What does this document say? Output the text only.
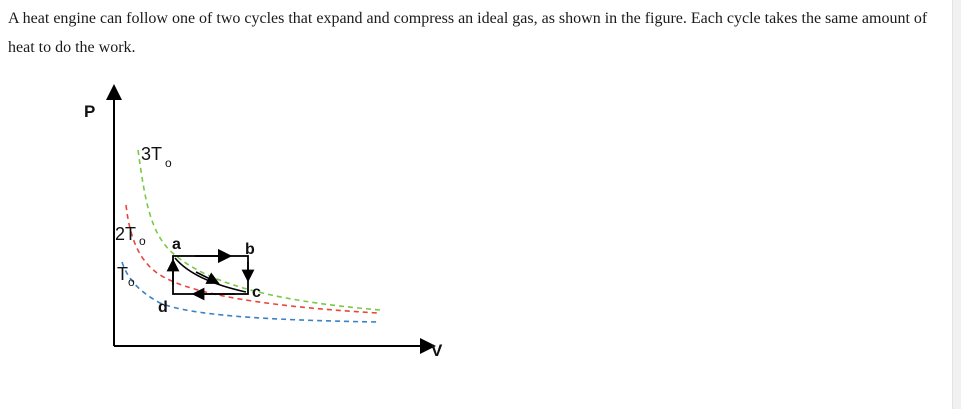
A heat engine can follow one of two cycles that expand and compress an ideal gas, as shown in the figure. Each cycle takes the same amount of heat to do the work.
P
V
3T o
2T o
T o
a	b
c
d
